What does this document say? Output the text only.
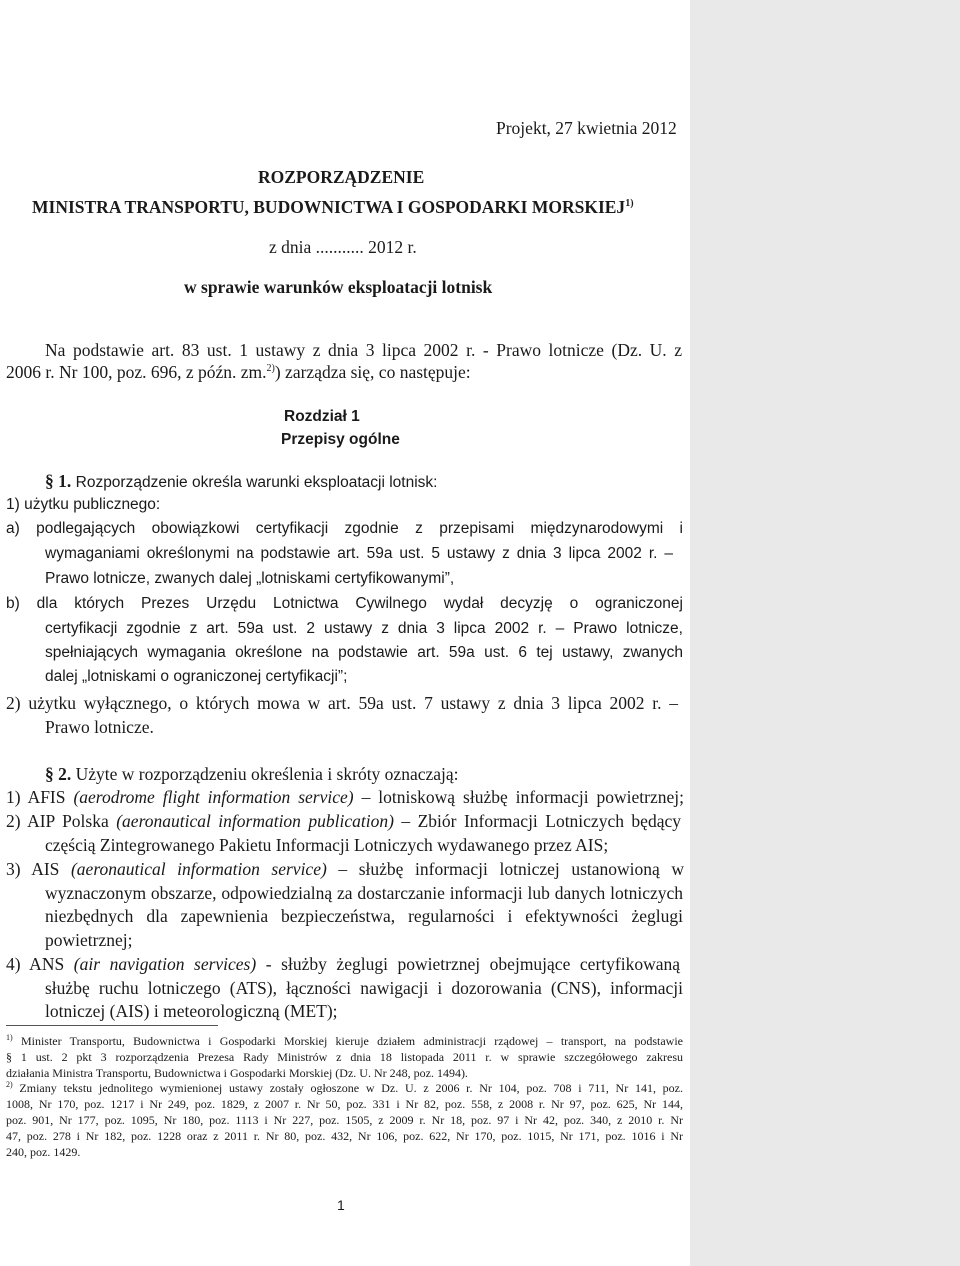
Projekt, 27 kwietnia 2012
ROZPORZĄDZENIE
MINISTRA TRANSPORTU, BUDOWNICTWA I GOSPODARKI MORSKIEJ$^{1)}$
z dnia ........... 2012 r.
w sprawie warunków eksploatacji lotnisk
Na podstawie art. 83 ust. 1 ustawy z dnia 3 lipca 2002 r. - Prawo lotnicze (Dz. U. z
2006 r. Nr 100, poz. 696, z późn. zm.$^{2)}$) zarządza się, co następuje:
Rozdział 1
Przepisy ogólne
§ 1. Rozporządzenie określa warunki eksploatacji lotnisk:
1) użytku publicznego:
a) podlegających obowiązkowi certyfikacji zgodnie z przepisami międzynarodowymi i
wymaganiami określonymi na podstawie art. 59a ust. 5 ustawy z dnia 3 lipca 2002 r. –
Prawo lotnicze, zwanych dalej „lotniskami certyfikowanymi”,
b) dla których Prezes Urzędu Lotnictwa Cywilnego wydał decyzję o ograniczonej
certyfikacji zgodnie z art. 59a ust. 2 ustawy z dnia 3 lipca 2002 r. – Prawo lotnicze,
spełniających wymagania określone na podstawie art. 59a ust. 6 tej ustawy, zwanych
dalej „lotniskami o ograniczonej certyfikacji”;
2) użytku wyłącznego, o których mowa w art. 59a ust. 7 ustawy z dnia 3 lipca 2002 r. –
Prawo lotnicze.
§ 2. Użyte w rozporządzeniu określenia i skróty oznaczają:
1) AFIS (aerodrome flight information service) – lotniskową służbę informacji powietrznej;
2) AIP Polska (aeronautical information publication) – Zbiór Informacji Lotniczych będący
częścią Zintegrowanego Pakietu Informacji Lotniczych wydawanego przez AIS;
3) AIS (aeronautical information service) – służbę informacji lotniczej ustanowioną w
wyznaczonym obszarze, odpowiedzialną za dostarczanie informacji lub danych lotniczych
niezbędnych dla zapewnienia bezpieczeństwa, regularności i efektywności żeglugi
powietrznej;
4) ANS (air navigation services) - służby żeglugi powietrznej obejmujące certyfikowaną
służbę ruchu lotniczego (ATS), łączności nawigacji i dozorowania (CNS), informacji
lotniczej (AIS) i meteorologiczną (MET);
$^{1)}$ Minister Transportu, Budownictwa i Gospodarki Morskiej kieruje działem administracji rządowej – transport, na podstawie
§ 1 ust. 2 pkt 3 rozporządzenia Prezesa Rady Ministrów z dnia 18 listopada 2011 r. w sprawie szczegółowego zakresu
działania Ministra Transportu, Budownictwa i Gospodarki Morskiej (Dz. U. Nr 248, poz. 1494).
$^{2)}$ Zmiany tekstu jednolitego wymienionej ustawy zostały ogłoszone w Dz. U. z 2006 r. Nr 104, poz. 708 i 711, Nr 141, poz.
1008, Nr 170, poz. 1217 i Nr 249, poz. 1829, z 2007 r. Nr 50, poz. 331 i Nr 82, poz. 558, z 2008 r. Nr 97, poz. 625, Nr 144,
poz. 901, Nr 177, poz. 1095, Nr 180, poz. 1113 i Nr 227, poz. 1505, z 2009 r. Nr 18, poz. 97 i Nr 42, poz. 340, z 2010 r. Nr
47, poz. 278 i Nr 182, poz. 1228 oraz z 2011 r. Nr 80, poz. 432, Nr 106, poz. 622, Nr 170, poz. 1015, Nr 171, poz. 1016 i Nr
240, poz. 1429.
1
